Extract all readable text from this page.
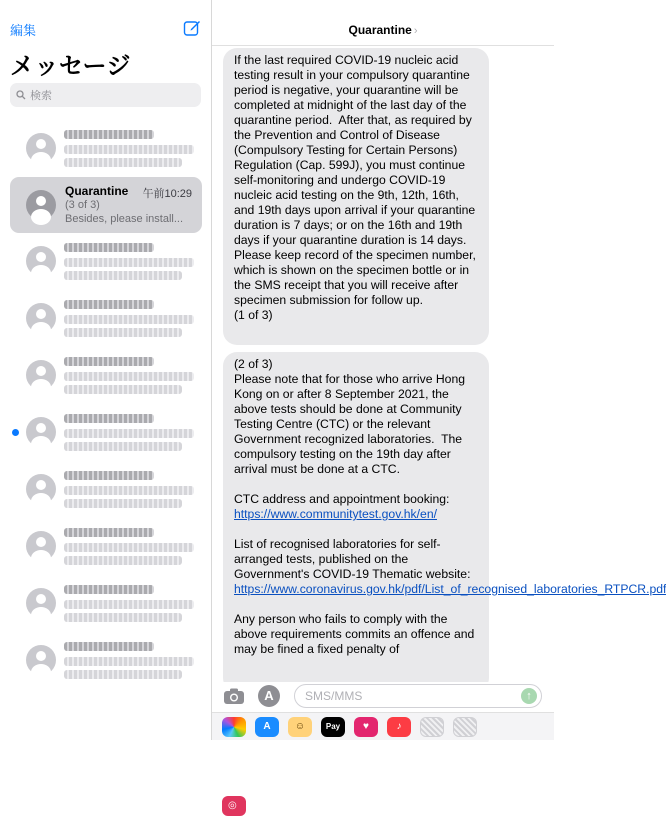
編集
メッセージ
検索
Quarantine 午前10:29
(3 of 3)
Besides, please install...
Quarantine ›
If the last required COVID-19 nucleic acid testing result in your compulsory quarantine period is negative, your quarantine will be completed at midnight of the last day of the quarantine period.  After that, as required by the Prevention and Control of Disease (Compulsory Testing for Certain Persons) Regulation (Cap. 599J), you must continue self-monitoring and undergo COVID-19 nucleic acid testing on the 9th, 12th, 16th, and 19th days upon arrival if your quarantine duration is 7 days; or on the 16th and 19th days if your quarantine duration is 14 days. Please keep record of the specimen number, which is shown on the specimen bottle or in the SMS receipt that you will receive after specimen submission for follow up.
(1 of 3)
(2 of 3)
Please note that for those who arrive Hong Kong on or after 8 September 2021, the above tests should be done at Community Testing Centre (CTC) or the relevant Government recognized laboratories.  The compulsory testing on the 19th day after arrival must be done at a CTC.

CTC address and appointment booking:
https://www.communitytest.gov.hk/en/

List of recognised laboratories for self-arranged tests, published on the Government's COVID-19 Thematic website:
https://www.coronavirus.gov.hk/pdf/List_of_recognised_laboratories_RTPCR.pdf

Any person who fails to comply with the above requirements commits an offence and may be fined a fixed penalty of
A	SMS/MMS	↑
A
◎
☺	Pay	♥	♪
